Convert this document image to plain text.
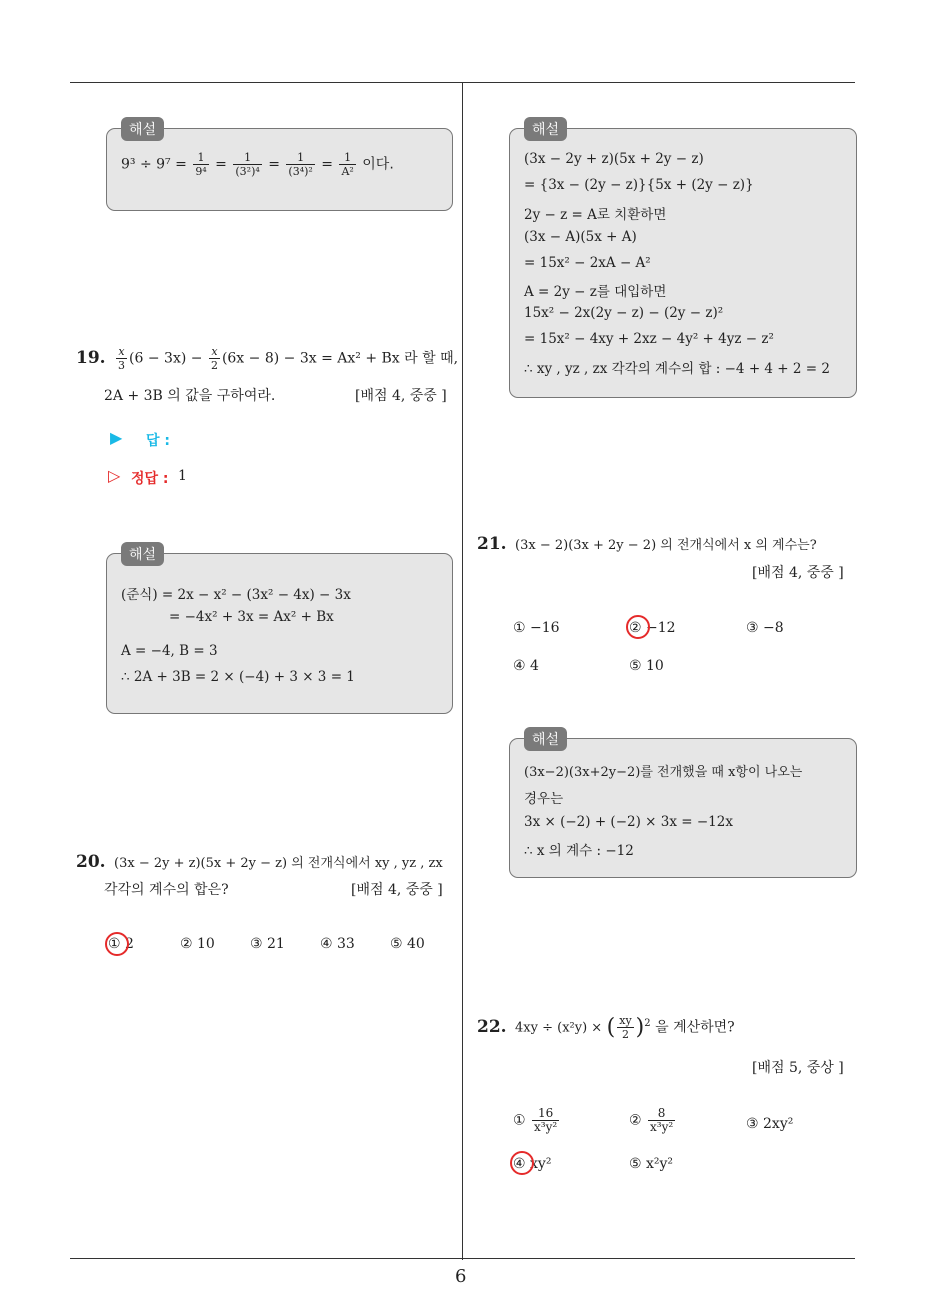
6
해설
$9^3 \div 9^7 = \frac{1}{\text{9⁴}} = \frac{1}{\text{(3²)⁴}} = \frac{1}{\text{(3⁴)²}} = \frac{1}{\text{A²}}$ 이다.
19. $\frac{x}{3} (6 - 3x) - \frac{x}{2} (6x - 8) - 3x = Ax^2 + Bx$ 라 할 때,
2A + 3B 의 값을 구하여라.	[배점 4, 중중 ]
▶ 답 :
▷ 정답 : 1
해설
(준식) = 2x − x² − (3x² − 4x) − 3x
= −4x² + 3x = Ax² + Bx
A = −4, B = 3
∴ 2A + 3B = 2 × (−4) + 3 × 3 = 1
20. (3x − 2y + z)(5x + 2y − z) 의 전개식에서 xy , yz , zx
각각의 계수의 합은?	[배점 4, 중중 ]
① 2	② 10	③ 21	④ 33	⑤ 40
해설
(3x − 2y + z)(5x + 2y − z)
= {3x − (2y − z)}{5x + (2y − z)}
2y − z = A로 치환하면
(3x − A)(5x + A)
= 15x² − 2xA − A²
A = 2y − z를 대입하면
15x² − 2x(2y − z) − (2y − z)²
= 15x² − 4xy + 2xz − 4y² + 4yz − z²
∴ xy , yz , zx 각각의 계수의 합 : −4 + 4 + 2 = 2
21. (3x − 2)(3x + 2y − 2) 의 전개식에서 x 의 계수는?
[배점 4, 중중 ]
① −16	② −12	③ −8
④ 4	⑤ 10
해설
(3x−2)(3x+2y−2)를 전개했을 때 x항이 나오는
경우는
3x × (−2) + (−2) × 3x = −12x
∴ x 의 계수 : −12
22. 4xy ÷ (x²y) × ( $\frac{xy}{2} )^2$ 을 계산하면?
[배점 5, 중상 ]
① $\frac{16}{\text{x³y²}}$	② $\frac{8}{\text{x³y²}}$	③ 2xy²
④ xy²	⑤ x²y²
